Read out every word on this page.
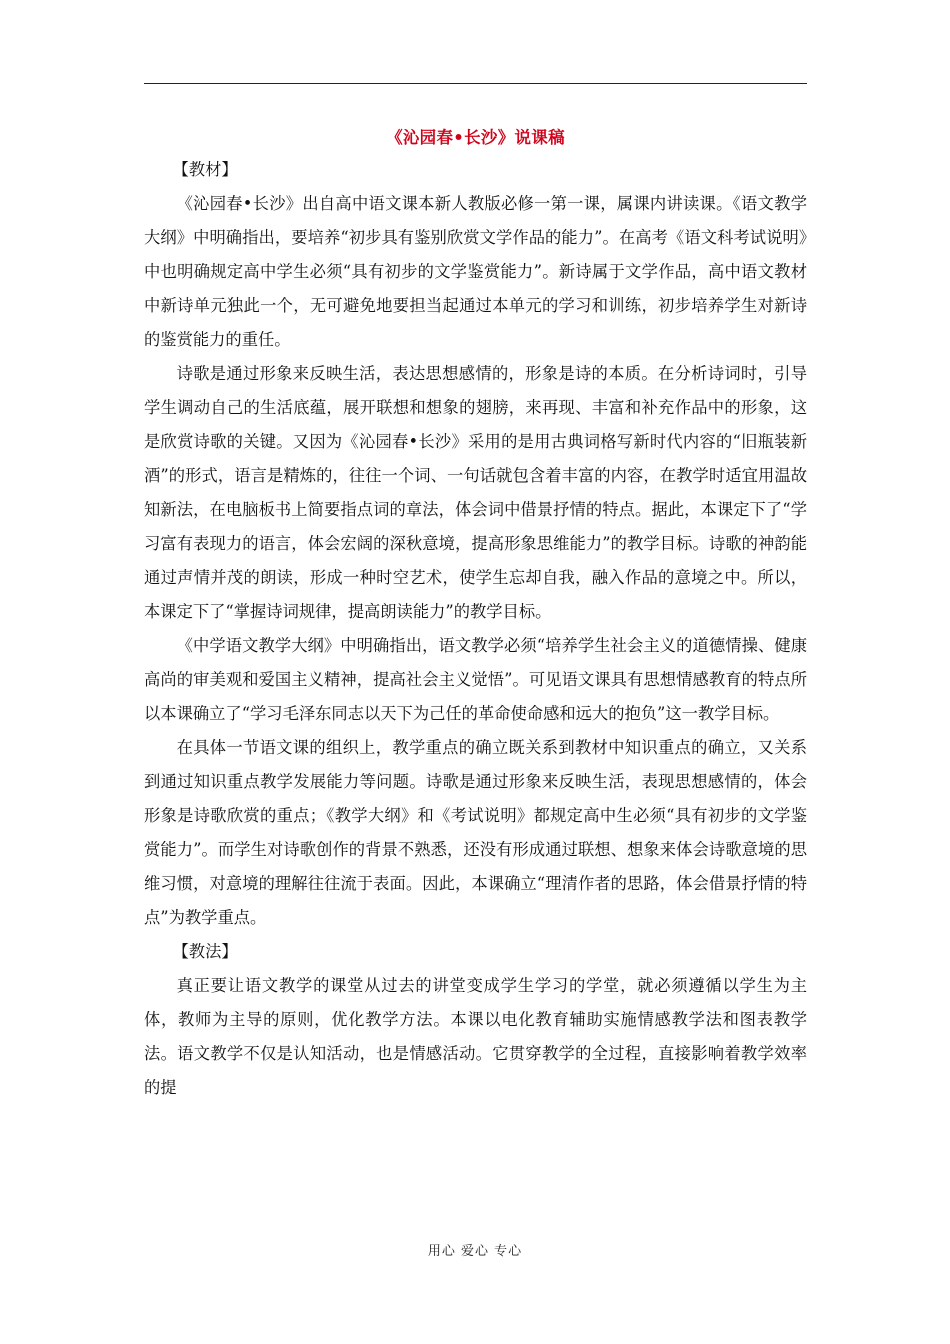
《沁园春•长沙》说课稿

【教材】

《沁园春•长沙》出自高中语文课本新人教版必修一第一课，属课内讲读课。《语文教学大纲》中明确指出，要培养“初步具有鉴别欣赏文学作品的能力”。在高考《语文科考试说明》中也明确规定高中学生必须“具有初步的文学鉴赏能力”。新诗属于文学作品，高中语文教材中新诗单元独此一个，无可避免地要担当起通过本单元的学习和训练，初步培养学生对新诗的鉴赏能力的重任。

诗歌是通过形象来反映生活，表达思想感情的，形象是诗的本质。在分析诗词时，引导学生调动自己的生活底蕴，展开联想和想象的翅膀，来再现、丰富和补充作品中的形象，这是欣赏诗歌的关键。又因为《沁园春•长沙》采用的是用古典词格写新时代内容的“旧瓶装新酒”的形式，语言是精炼的，往往一个词、一句话就包含着丰富的内容，在教学时适宜用温故知新法，在电脑板书上简要指点词的章法，体会词中借景抒情的特点。据此，本课定下了“学习富有表现力的语言，体会宏阔的深秋意境，提高形象思维能力”的教学目标。诗歌的神韵能通过声情并茂的朗读，形成一种时空艺术，使学生忘却自我，融入作品的意境之中。所以，本课定下了“掌握诗词规律，提高朗读能力”的教学目标。

《中学语文教学大纲》中明确指出，语文教学必须“培养学生社会主义的道德情操、健康高尚的审美观和爱国主义精神，提高社会主义觉悟”。可见语文课具有思想情感教育的特点所以本课确立了“学习毛泽东同志以天下为己任的革命使命感和远大的抱负”这一教学目标。

在具体一节语文课的组织上，教学重点的确立既关系到教材中知识重点的确立，又关系到通过知识重点教学发展能力等问题。诗歌是通过形象来反映生活，表现思想感情的，体会形象是诗歌欣赏的重点；《教学大纲》和《考试说明》都规定高中生必须“具有初步的文学鉴赏能力”。而学生对诗歌创作的背景不熟悉，还没有形成通过联想、想象来体会诗歌意境的思维习惯，对意境的理解往往流于表面。因此，本课确立“理清作者的思路，体会借景抒情的特点”为教学重点。

【教法】

真正要让语文教学的课堂从过去的讲堂变成学生学习的学堂，就必须遵循以学生为主体，教师为主导的原则，优化教学方法。本课以电化教育辅助实施情感教学法和图表教学法。语文教学不仅是认知活动，也是情感活动。它贯穿教学的全过程，直接影响着教学效率的提

用心 爱心 专心
